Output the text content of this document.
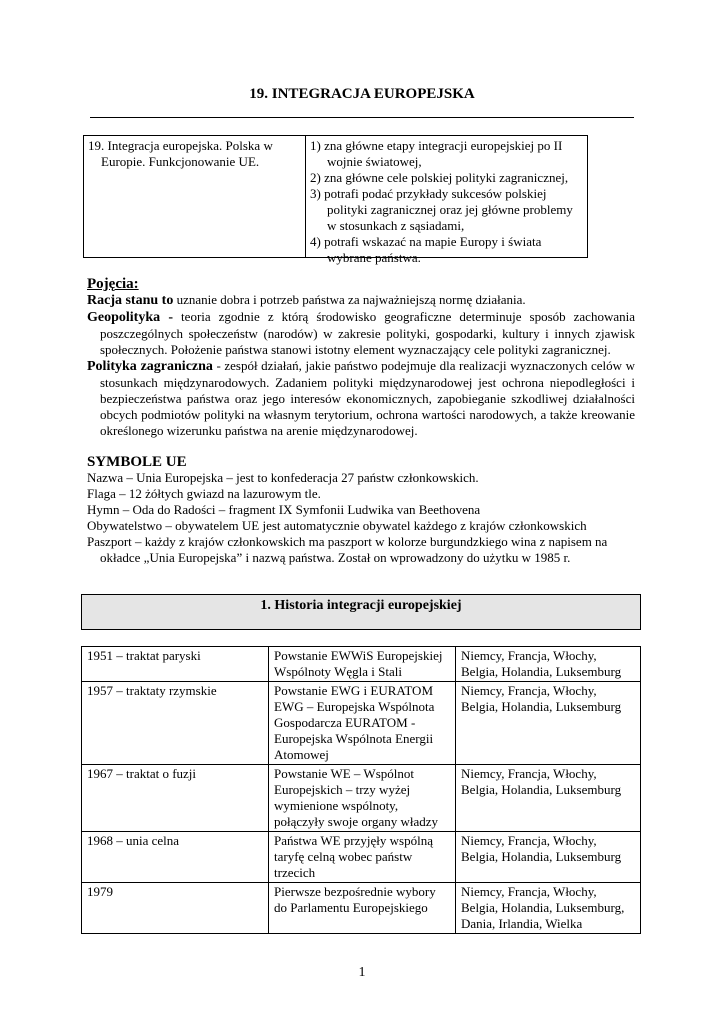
19. INTEGRACJA EUROPEJSKA

19. Integracja europejska. Polska w Europie. Funkcjonowanie UE.

1) zna główne etapy integracji europejskiej po II wojnie światowej,

2) zna główne cele polskiej polityki zagranicznej,

3) potrafi podać przykłady sukcesów polskiej polityki zagranicznej oraz jej główne problemy w stosunkach z sąsiadami,

4) potrafi wskazać na mapie Europy i świata wybrane państwa.

Pojęcia:

Racja stanu to uznanie dobra i potrzeb państwa za najważniejszą normę działania.

Geopolityka - teoria zgodnie z którą środowisko geograficzne determinuje sposób zachowania poszczególnych społeczeństw (narodów) w zakresie polityki, gospodarki, kultury i innych zjawisk społecznych. Położenie państwa stanowi istotny element wyznaczający cele polityki zagranicznej.

Polityka zagraniczna - zespół działań, jakie państwo podejmuje dla realizacji wyznaczonych celów w stosunkach międzynarodowych. Zadaniem polityki międzynarodowej jest ochrona niepodległości i bezpieczeństwa państwa oraz jego interesów ekonomicznych, zapobieganie szkodliwej działalności obcych podmiotów polityki na własnym terytorium, ochrona wartości narodowych, a także kreowanie określonego wizerunku państwa na arenie międzynarodowej.

SYMBOLE UE

Nazwa – Unia Europejska – jest to konfederacja 27 państw członkowskich.

Flaga – 12 żółtych gwiazd na lazurowym tle.

Hymn – Oda do Radości – fragment IX Symfonii Ludwika van Beethovena

Obywatelstwo – obywatelem UE jest automatycznie obywatel każdego z krajów członkowskich

Paszport – każdy z krajów członkowskich ma paszport w kolorze burgundzkiego wina z napisem na okładce „Unia Europejska” i nazwą państwa. Został on wprowadzony do użytku w 1985 r.

1. Historia integracji europejskiej
1951 – traktat paryski	Powstanie EWWiS Europejskiej Wspólnoty Węgla i Stali	Niemcy, Francja, Włochy, Belgia, Holandia, Luksemburg
1957 – traktaty rzymskie	Powstanie EWG i EURATOM EWG – Europejska Wspólnota Gospodarcza EURATOM - Europejska Wspólnota Energii Atomowej	Niemcy, Francja, Włochy, Belgia, Holandia, Luksemburg
1967 – traktat o fuzji	Powstanie WE – Wspólnot Europejskich – trzy wyżej wymienione wspólnoty, połączyły swoje organy władzy	Niemcy, Francja, Włochy, Belgia, Holandia, Luksemburg
1968 – unia celna	Państwa WE przyjęły wspólną taryfę celną wobec państw trzecich	Niemcy, Francja, Włochy, Belgia, Holandia, Luksemburg
1979	Pierwsze bezpośrednie wybory do Parlamentu Europejskiego	Niemcy, Francja, Włochy, Belgia, Holandia, Luksemburg, Dania, Irlandia, Wielka
1
